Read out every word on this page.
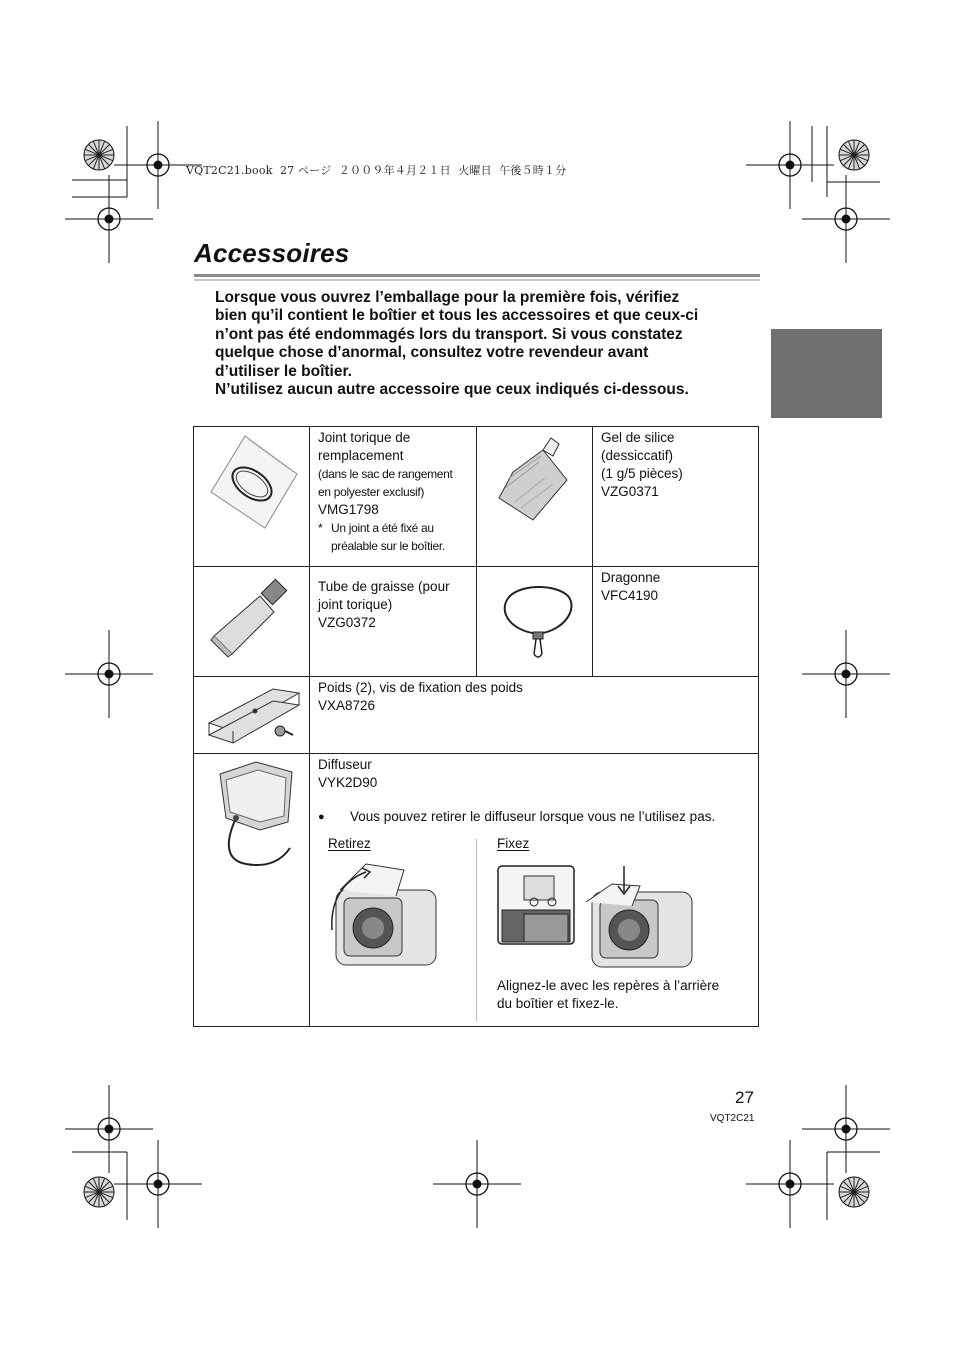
VQT2C21.book  27 ページ  ２００９年４月２１日  火曜日  午後５時１分
Accessoires

Lorsque vous ouvrez l’emballage pour la première fois, vérifiez

bien qu’il contient le boîtier et tous les accessoires et que ceux-ci

n’ont pas été endommagés lors du transport. Si vous constatez

quelque chose d’anormal, consultez votre revendeur avant

d’utiliser le boîtier.

N’utilisez aucun autre accessoire que ceux indiqués ci-dessous.

Joint torique de
remplacement
(dans le sac de rangement
en polyester exclusif)
VMG1798
* Un joint a été fixé au
préalable sur le boîtier.
Gel de silice
(dessiccatif)
(1 g/5 pièces)
VZG0371
Tube de graisse (pour
joint torique)
VZG0372
Dragonne
VFC4190
Poids (2), vis de fixation des poids
VXA8726
Diffuseur
VYK2D90
●	Vous pouvez retirer le diffuseur lorsque vous ne l’utilisez pas.
Retirez	Fixez
Alignez-le avec les repères à l’arrière
du boîtier et fixez-le.
27
VQT2C21
